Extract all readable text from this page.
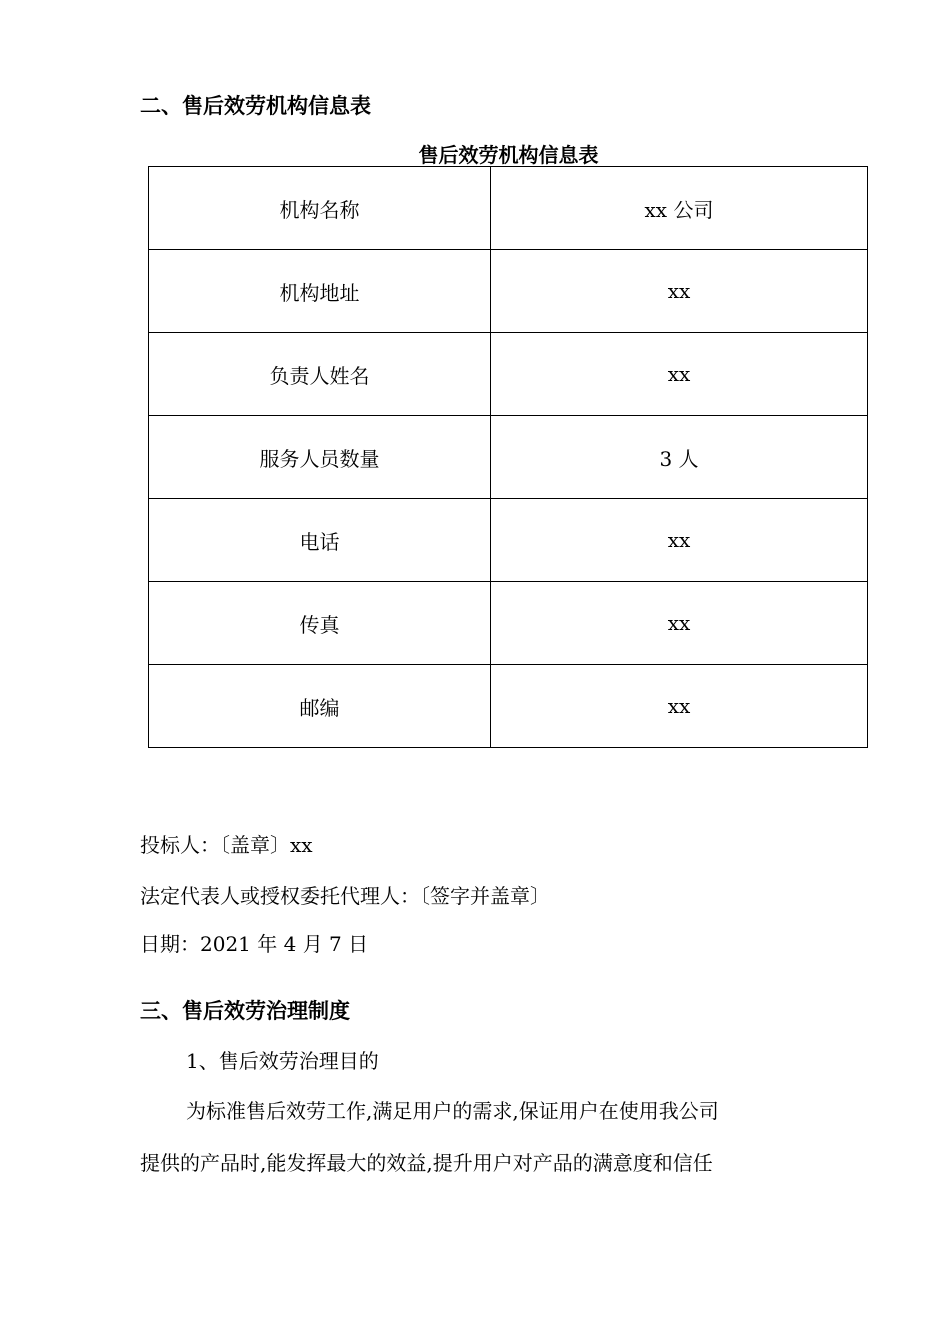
二、售后效劳机构信息表
售后效劳机构信息表
机构名称	xx 公司
机构地址	xx
负责人姓名	xx
服务人员数量	3 人
电话	xx
传真	xx
邮编	xx
投标人：〔盖章〕xx
法定代表人或授权委托代理人：〔签字并盖章〕
日期：2021 年 4 月 7 日
三、售后效劳治理制度
1、售后效劳治理目的
为标准售后效劳工作,满足用户的需求,保证用户在使用我公司
提供的产品时,能发挥最大的效益,提升用户对产品的满意度和信任
